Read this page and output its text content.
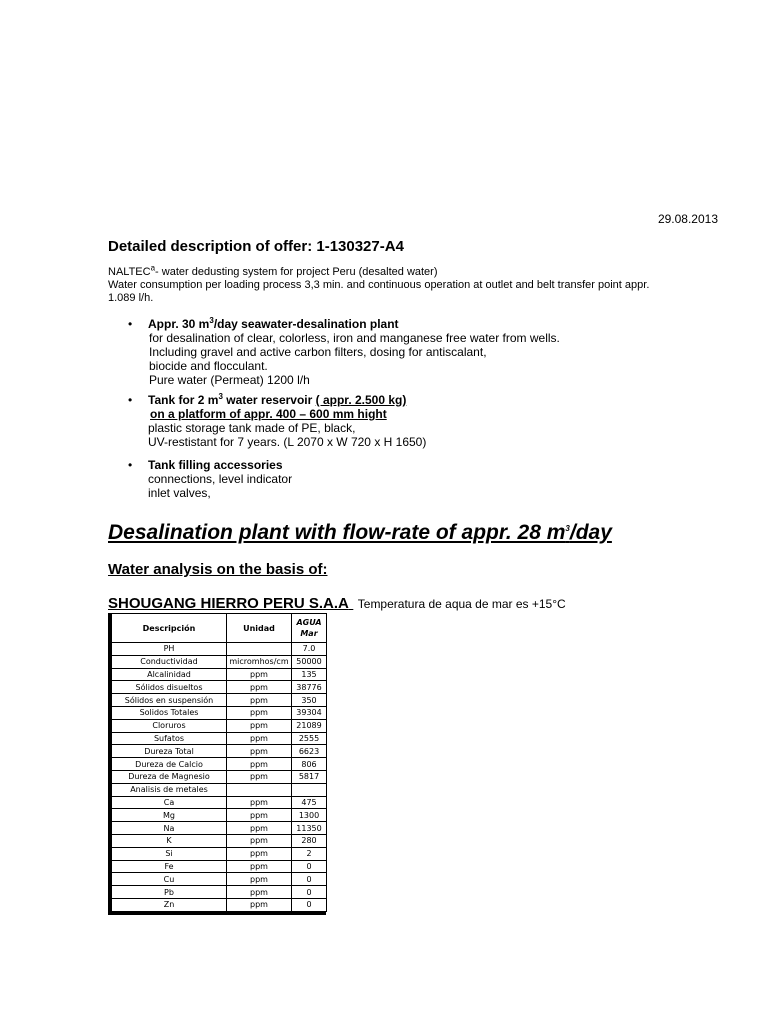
29.08.2013
Detailed description of offer: 1-130327-A4

NALTEC$^a$- water dedusting system for project Peru (desalted water)

Water consumption per loading process 3,3 min. and continuous operation at outlet and belt transfer point appr.

1.089 l/h.

• Appr. 30 $m^3$/day seawater-desalination plant
for desalination of clear, colorless, iron and manganese free water from wells.
Including gravel and active carbon filters, dosing for antiscalant,
biocide and flocculant.
Pure water (Permeat) 1200 l/h
• Tank for 2 $m^3$ water reservoir ( appr. 2.500 kg)
on a platform of appr. 400 – 600 mm hight
plastic storage tank made of PE, black,
UV-restistant for 7 years. (L 2070 x W 720 x H 1650)
• Tank filling accessories
connections, level indicator
inlet valves,
Desalination plant with flow-rate of appr. 28 $m^3$/day
Water analysis on the basis of:
SHOUGANG HIERRO PERU S.A.A Temperatura de aqua de mar es +15°C
Descripción	Unidad	AGUA
Mar
PH		7.0
Conductividad	micromhos/cm	50000
Alcalinidad	ppm	135
Sólidos disueltos	ppm	38776
Sólidos en suspensión	ppm	350
Solidos Totales	ppm	39304
Cloruros	ppm	21089
Sufatos	ppm	2555
Dureza Total	ppm	6623
Dureza de Calcio	ppm	806
Dureza de Magnesio	ppm	5817
Analisis de metales		
Ca	ppm	475
Mg	ppm	1300
Na	ppm	11350
K	ppm	280
Si	ppm	2
Fe	ppm	0
Cu	ppm	0
Pb	ppm	0
Zn	ppm	0
